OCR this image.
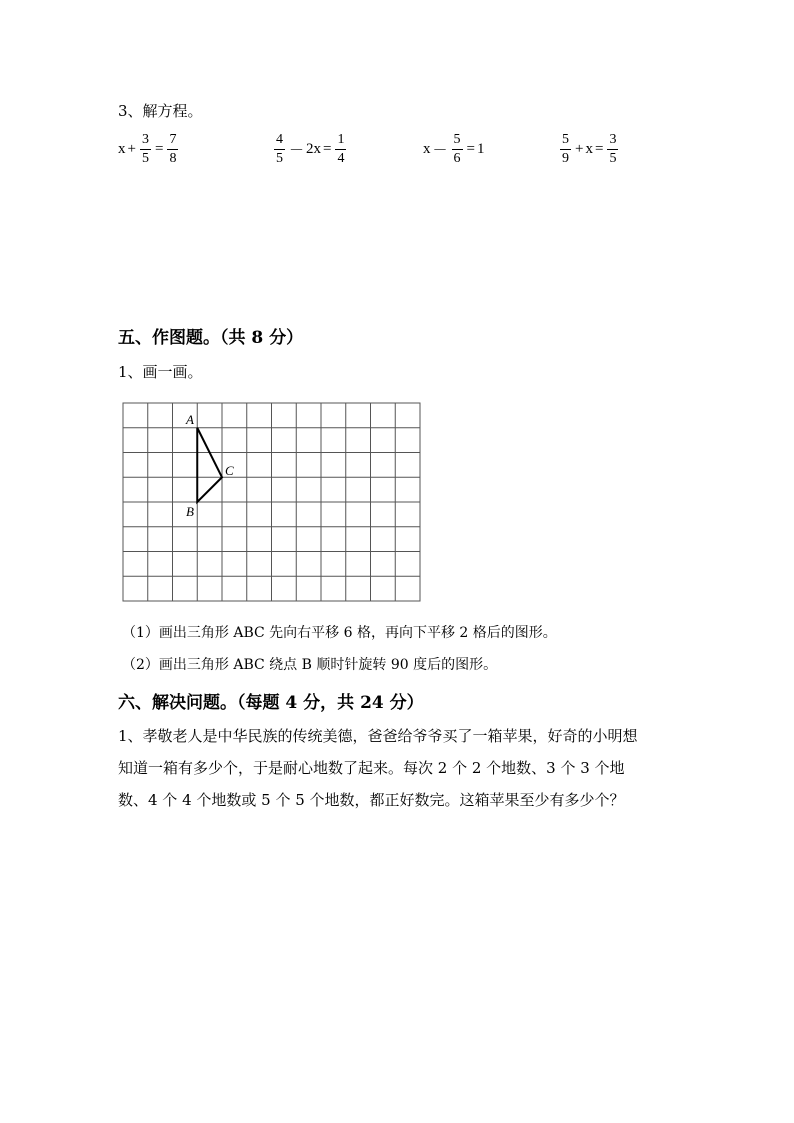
3、解方程。
$x + \frac{3}{5} = \frac{7}{8}$	$\frac{4}{5} - 2x = \frac{1}{4}$	$x - \frac{5}{6} = 1$	$\frac{5}{9} + x = \frac{3}{5}$
五、作图题。（共 8 分）
1、画一画。
A
C
B
（1）画出三角形 ABC 先向右平移 6 格，再向下平移 2 格后的图形。
（2）画出三角形 ABC 绕点 B 顺时针旋转 90 度后的图形。
六、解决问题。（每题 4 分，共 24 分）
1、孝敬老人是中华民族的传统美德，爸爸给爷爷买了一箱苹果，好奇的小明想
知道一箱有多少个，于是耐心地数了起来。每次 2 个 2 个地数、3 个 3 个地
数、4 个 4 个地数或 5 个 5 个地数，都正好数完。这箱苹果至少有多少个？
